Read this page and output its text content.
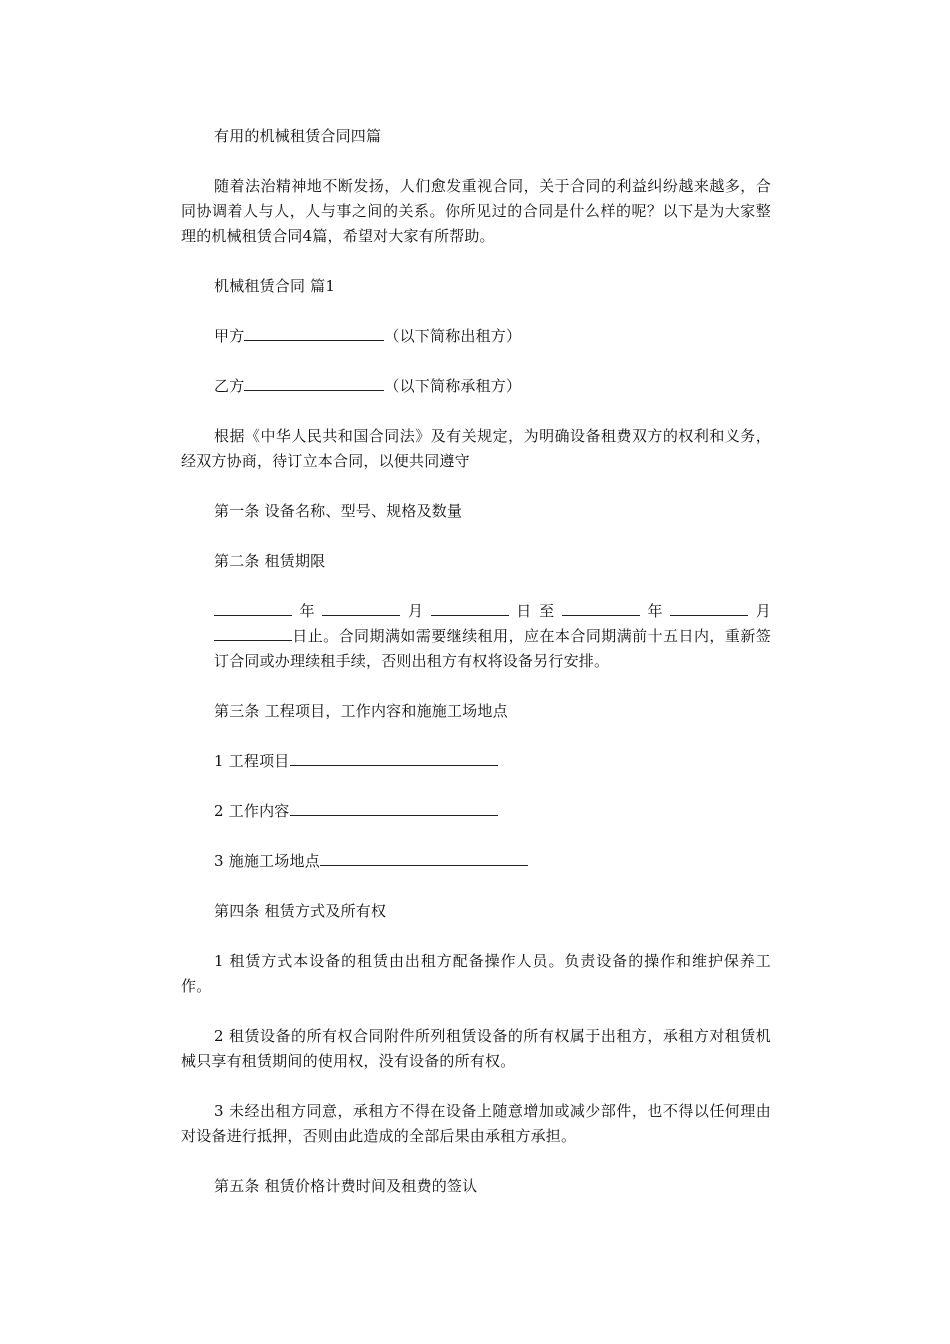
有用的机械租赁合同四篇

随着法治精神地不断发扬，人们愈发重视合同，关于合同的利益纠纷越来越多，合同协调着人与人，人与事之间的关系。你所见过的合同是什么样的呢？以下是为大家整理的机械租赁合同4篇，希望对大家有所帮助。

机械租赁合同 篇1

甲方	（以下简称出租方）

乙方	（以下简称承租方）

根据《中华人民共和国合同法》及有关规定，为明确设备租费双方的权利和义务，经双方协商，待订立本合同，以便共同遵守

第一条 设备名称、型号、规格及数量

第二条 租赁期限

年	月	日至	年	月日止。合同期满如需要继续租用，应在本合同期满前十五日内，重新签订合同或办理续租手续，否则出租方有权将设备另行安排。

第三条 工程项目，工作内容和施施工场地点

1 工程项目

2 工作内容

3 施施工场地点

第四条 租赁方式及所有权

1 租赁方式本设备的租赁由出租方配备操作人员。负责设备的操作和维护保养工作。

2 租赁设备的所有权合同附件所列租赁设备的所有权属于出租方，承租方对租赁机械只享有租赁期间的使用权，没有设备的所有权。

3 未经出租方同意，承租方不得在设备上随意增加或减少部件，也不得以任何理由对设备进行抵押，否则由此造成的全部后果由承租方承担。

第五条 租赁价格计费时间及租费的签认
